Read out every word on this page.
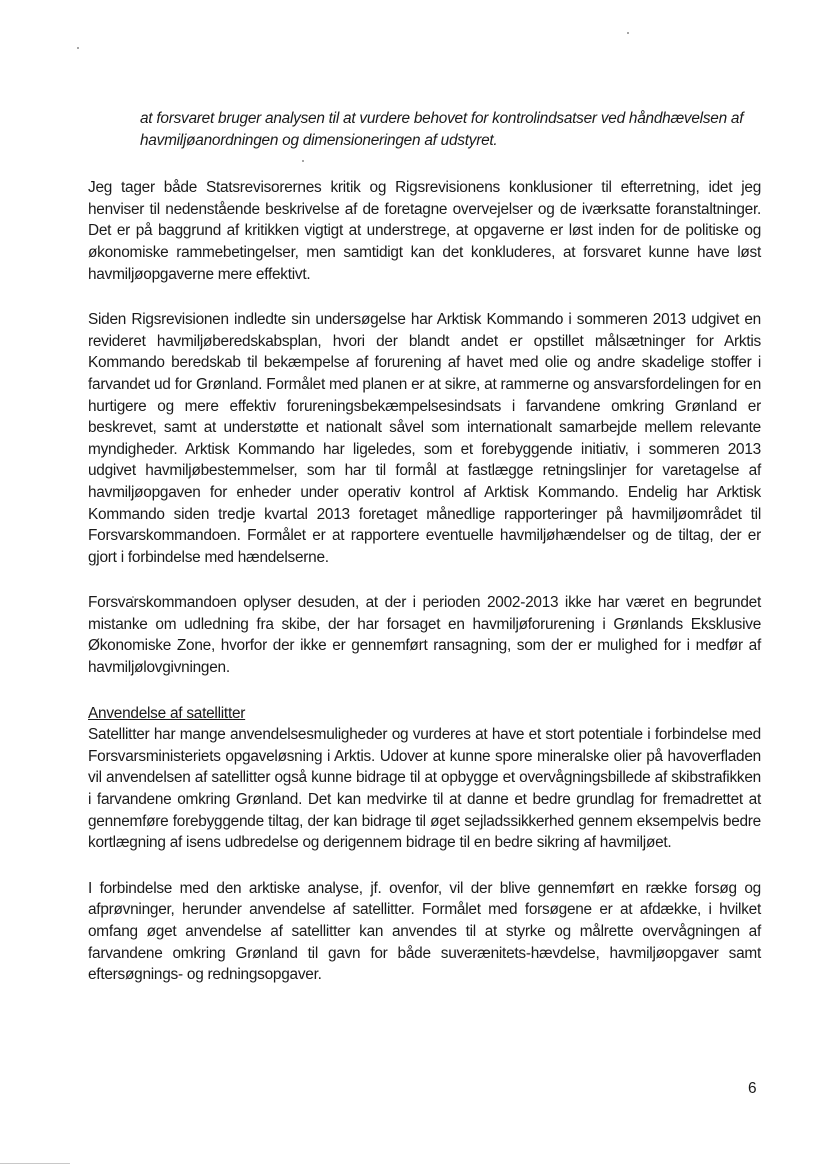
at forsvaret bruger analysen til at vurdere behovet for kontrolindsatser ved håndhævelsen af havmiljøanordningen og dimensioneringen af udstyret.

Jeg tager både Statsrevisorernes kritik og Rigsrevisionens konklusioner til efterretning, idet jeg henviser til nedenstående beskrivelse af de foretagne overvejelser og de iværksatte foranstaltninger. Det er på baggrund af kritikken vigtigt at understrege, at opgaverne er løst inden for de politiske og økonomiske rammebetingelser, men samtidigt kan det konkluderes, at forsvaret kunne have løst havmiljøopgaverne mere effektivt.

Siden Rigsrevisionen indledte sin undersøgelse har Arktisk Kommando i sommeren 2013 udgivet en revideret havmiljøberedskabsplan, hvori der blandt andet er opstillet målsætninger for Arktis Kommando beredskab til bekæmpelse af forurening af havet med olie og andre skadelige stoffer i farvandet ud for Grønland. Formålet med planen er at sikre, at rammerne og ansvarsfordelingen for en hurtigere og mere effektiv forureningsbekæmpelsesindsats i farvandene omkring Grønland er beskrevet, samt at understøtte et nationalt såvel som internationalt samarbejde mellem relevante myndigheder. Arktisk Kommando har ligeledes, som et forebyggende initiativ, i sommeren 2013 udgivet havmiljøbestemmelser, som har til formål at fastlægge retningslinjer for varetagelse af havmiljøopgaven for enheder under operativ kontrol af Arktisk Kommando. Endelig har Arktisk Kommando siden tredje kvartal 2013 foretaget månedlige rapporteringer på havmiljøområdet til Forsvarskommandoen. Formålet er at rapportere eventuelle havmiljøhændelser og de tiltag, der er gjort i forbindelse med hændelserne.

Forsvarskommandoen oplyser desuden, at der i perioden 2002-2013 ikke har været en begrundet mistanke om udledning fra skibe, der har forsaget en havmiljøforurening i Grønlands Eksklusive Økonomiske Zone, hvorfor der ikke er gennemført ransagning, som der er mulighed for i medfør af havmiljølovgivningen.

Anvendelse af satellitter

Satellitter har mange anvendelsesmuligheder og vurderes at have et stort potentiale i forbindelse med Forsvarsministeriets opgaveløsning i Arktis. Udover at kunne spore mineralske olier på havoverfladen vil anvendelsen af satellitter også kunne bidrage til at opbygge et overvågningsbillede af skibstrafikken i farvandene omkring Grønland. Det kan medvirke til at danne et bedre grundlag for fremadrettet at gennemføre forebyggende tiltag, der kan bidrage til øget sejladssikkerhed gennem eksempelvis bedre kortlægning af isens udbredelse og derigennem bidrage til en bedre sikring af havmiljøet.

I forbindelse med den arktiske analyse, jf. ovenfor, vil der blive gennemført en række forsøg og afprøvninger, herunder anvendelse af satellitter. Formålet med forsøgene er at afdække, i hvilket omfang øget anvendelse af satellitter kan anvendes til at styrke og målrette overvågningen af farvandene omkring Grønland til gavn for både suverænitets-hævdelse, havmiljøopgaver samt eftersøgnings- og redningsopgaver.

6
